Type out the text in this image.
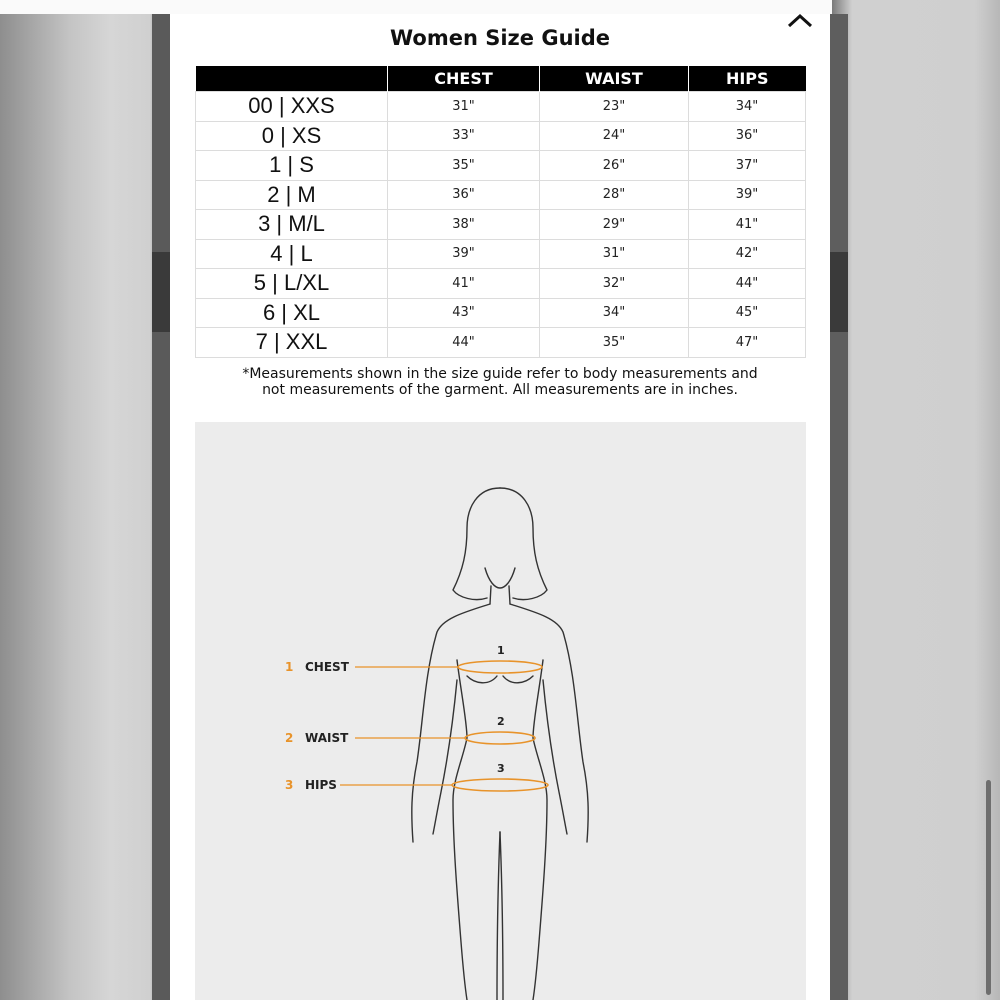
Women Size Guide
	CHEST	WAIST	HIPS
00 | XXS	31"	23"	34"
0 | XS	33"	24"	36"
1 | S	35"	26"	37"
2 | M	36"	28"	39"
3 | M/L	38"	29"	41"
4 | L	39"	31"	42"
5 | L/XL	41"	32"	44"
6 | XL	43"	34"	45"
7 | XXL	44"	35"	47"
*Measurements shown in the size guide refer to body measurements and
not measurements of the garment. All measurements are in inches.
1 CHEST
2 WAIST
3 HIPS
1
2
3
